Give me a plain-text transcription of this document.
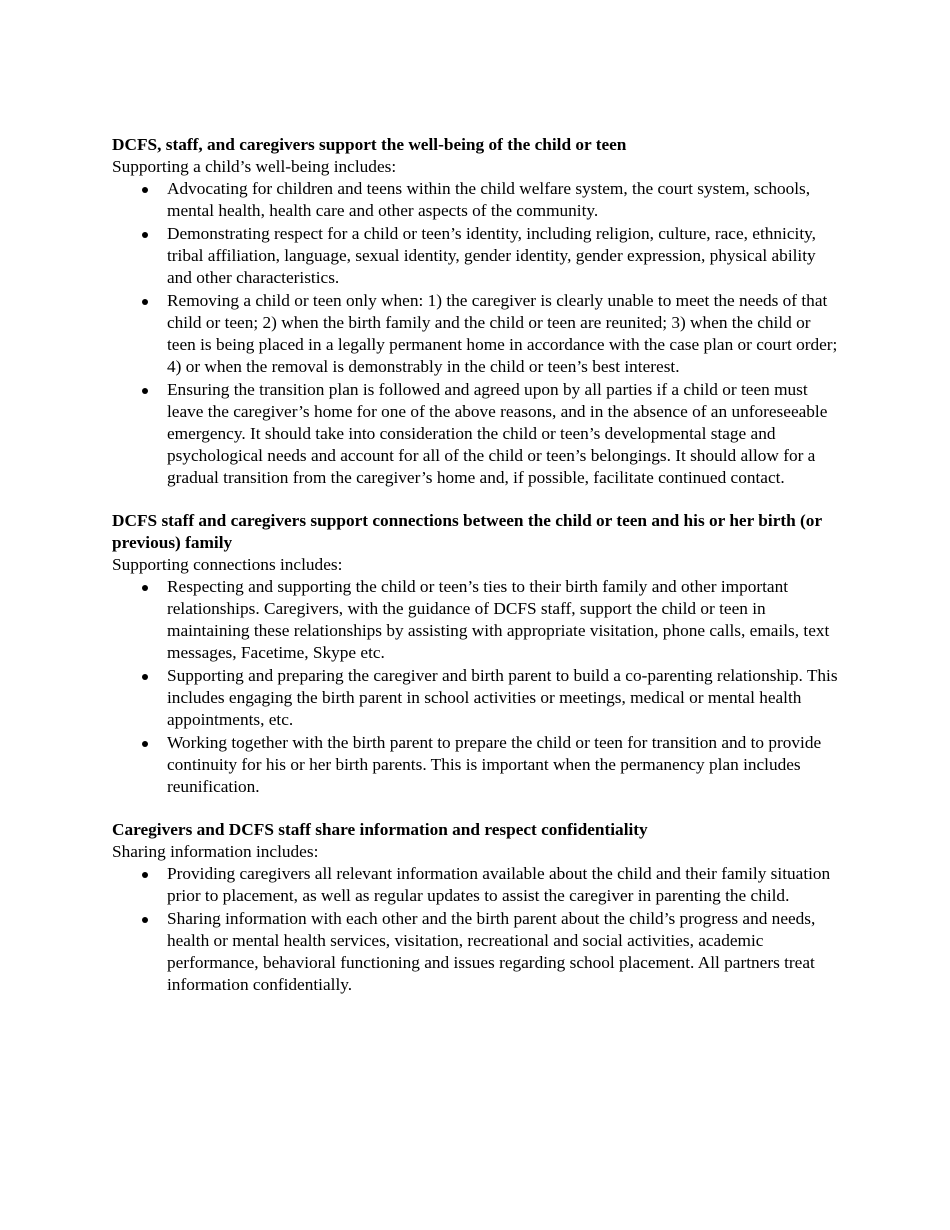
DCFS, staff, and caregivers support the well-being of the child or teen
Supporting a child’s well-being includes:
Advocating for children and teens within the child welfare system, the court system, schools, mental health, health care and other aspects of the community.
Demonstrating respect for a child or teen’s identity, including religion, culture, race, ethnicity, tribal affiliation, language, sexual identity, gender identity, gender expression, physical ability and other characteristics.
Removing a child or teen only when: 1) the caregiver is clearly unable to meet the needs of that child or teen; 2) when the birth family and the child or teen are reunited; 3) when the child or teen is being placed in a legally permanent home in accordance with the case plan or court order; 4) or when the removal is demonstrably in the child or teen’s best interest.
Ensuring the transition plan is followed and agreed upon by all parties if a child or teen must leave the caregiver’s home for one of the above reasons, and in the absence of an unforeseeable emergency. It should take into consideration the child or teen’s developmental stage and psychological needs and account for all of the child or teen’s belongings. It should allow for a gradual transition from the caregiver’s home and, if possible, facilitate continued contact.
DCFS staff and caregivers support connections between the child or teen and his or her birth (or previous) family
Supporting connections includes:
Respecting and supporting the child or teen’s ties to their birth family and other important relationships. Caregivers, with the guidance of DCFS staff, support the child or teen in maintaining these relationships by assisting with appropriate visitation, phone calls, emails, text messages, Facetime, Skype etc.
Supporting and preparing the caregiver and birth parent to build a co-parenting relationship. This includes engaging the birth parent in school activities or meetings, medical or mental health appointments, etc.
Working together with the birth parent to prepare the child or teen for transition and to provide continuity for his or her birth parents. This is important when the permanency plan includes reunification.
Caregivers and DCFS staff share information and respect confidentiality
Sharing information includes:
Providing caregivers all relevant information available about the child and their family situation prior to placement, as well as regular updates to assist the caregiver in parenting the child.
Sharing information with each other and the birth parent about the child’s progress and needs, health or mental health services, visitation, recreational and social activities, academic performance, behavioral functioning and issues regarding school placement. All partners treat information confidentially.
